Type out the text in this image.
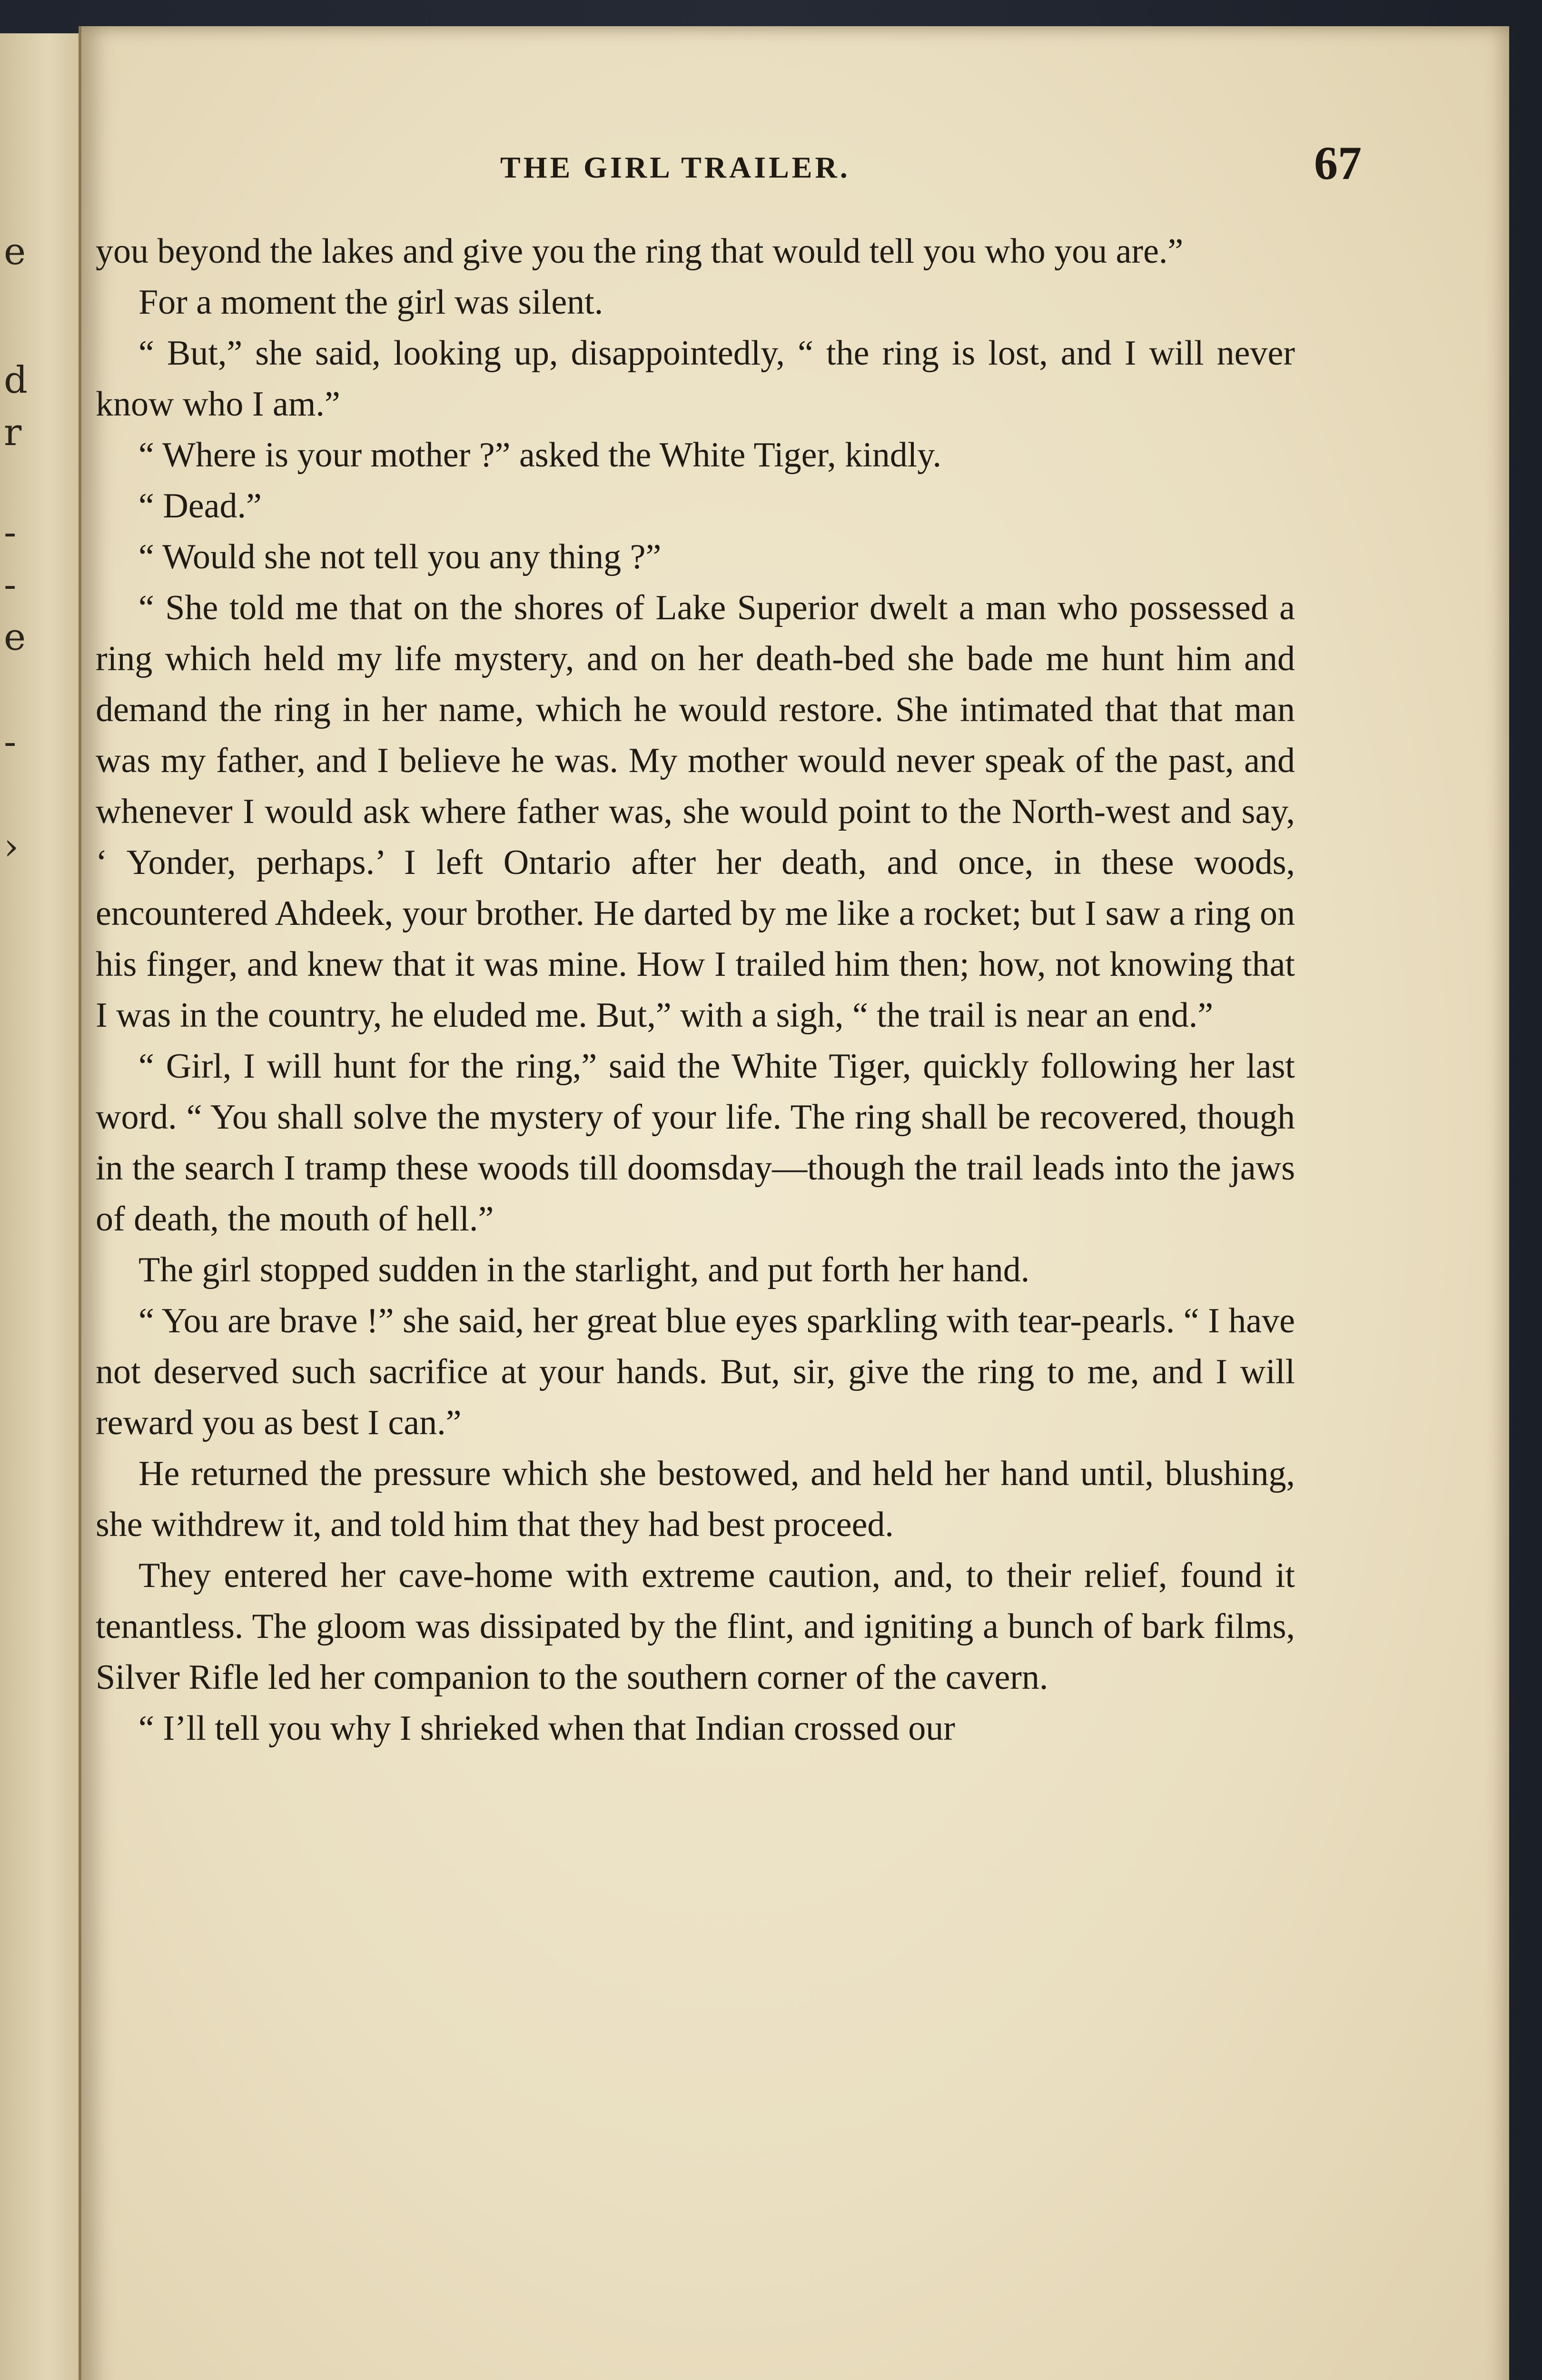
e
d
r
-
-
e
-
›
THE GIRL TRAILER.	67

you beyond the lakes and give you the ring that would tell you who you are.”

For a moment the girl was silent.

“ But,” she said, looking up, disappointedly, “ the ring is lost, and I will never know who I am.”

“ Where is your mother ?” asked the White Tiger, kindly.

“ Dead.”

“ Would she not tell you any thing ?”

“ She told me that on the shores of Lake Superior dwelt a man who possessed a ring which held my life mystery, and on her death-bed she bade me hunt him and demand the ring in her name, which he would restore. She intimated that that man was my father, and I believe he was. My mother would never speak of the past, and whenever I would ask where father was, she would point to the North-west and say, ‘ Yonder, perhaps.’ I left Ontario after her death, and once, in these woods, encountered Ahdeek, your brother. He darted by me like a rocket; but I saw a ring on his finger, and knew that it was mine. How I trailed him then; how, not knowing that I was in the country, he eluded me. But,” with a sigh, “ the trail is near an end.”

“ Girl, I will hunt for the ring,” said the White Tiger, quickly following her last word. “ You shall solve the mystery of your life. The ring shall be recovered, though in the search I tramp these woods till doomsday—though the trail leads into the jaws of death, the mouth of hell.”

The girl stopped sudden in the starlight, and put forth her hand.

“ You are brave !” she said, her great blue eyes sparkling with tear-pearls. “ I have not deserved such sacrifice at your hands. But, sir, give the ring to me, and I will reward you as best I can.”

He returned the pressure which she bestowed, and held her hand until, blushing, she withdrew it, and told him that they had best proceed.

They entered her cave-home with extreme caution, and, to their relief, found it tenantless. The gloom was dissipated by the flint, and igniting a bunch of bark films, Silver Rifle led her companion to the southern corner of the cavern.

“ I’ll tell you why I shrieked when that Indian crossed our
